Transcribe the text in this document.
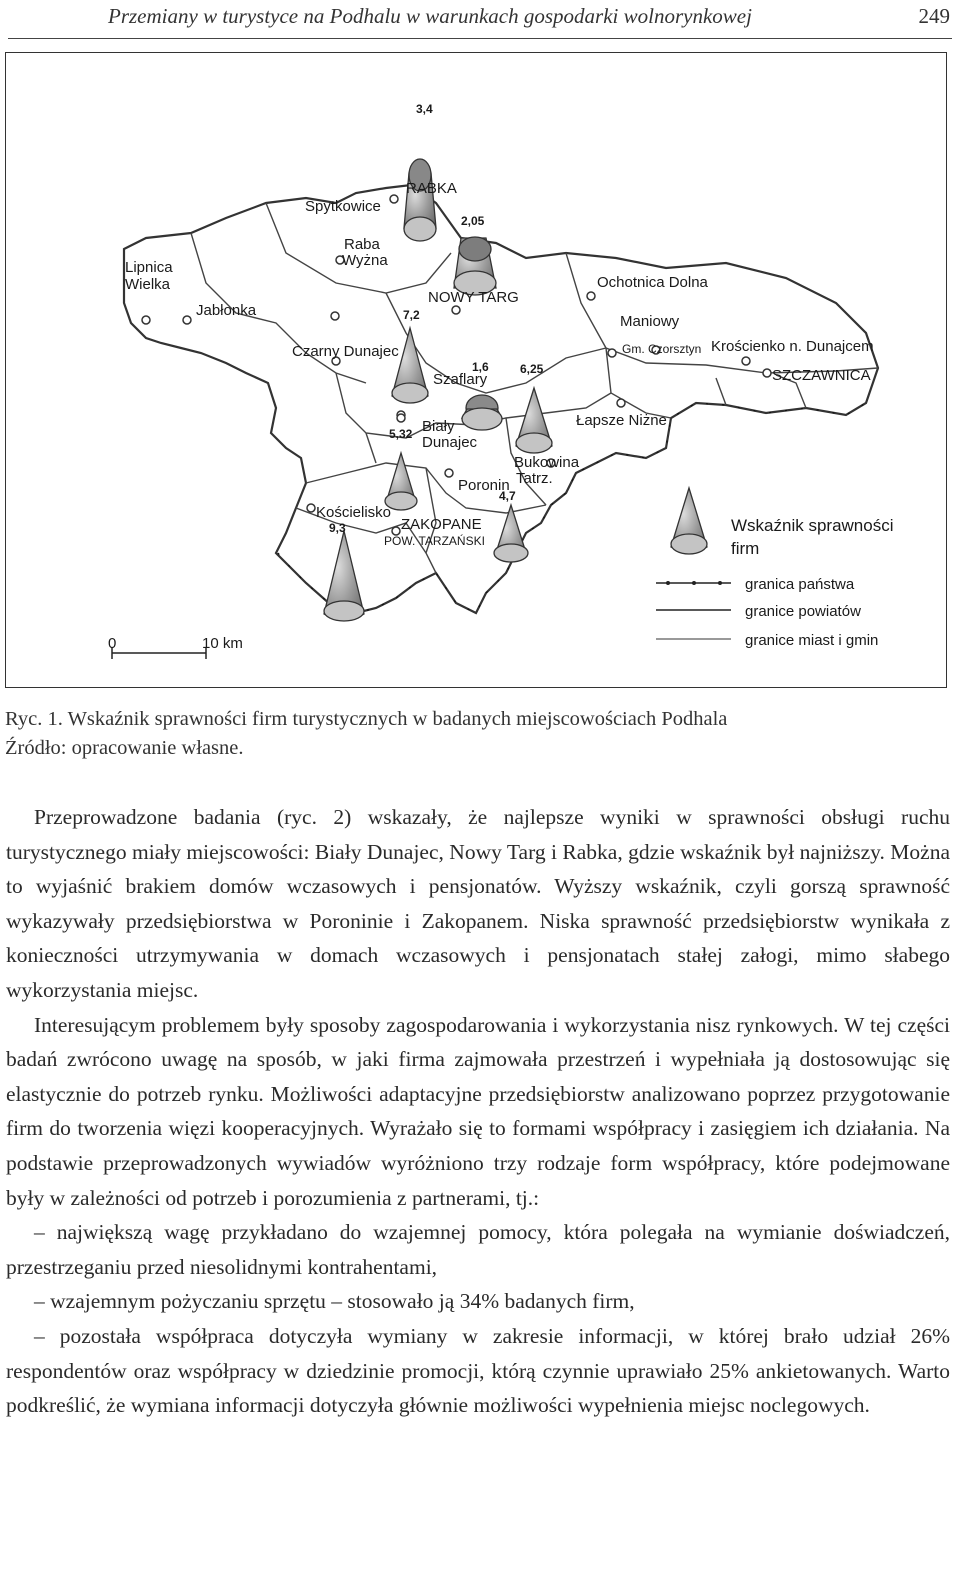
Przemiany w turystyce na Podhalu w warunkach gospodarki wolnorynkowej	249
RABKA
Spytkowice
Raba
Wyżna
Lipnica
Wielka
Jabłonka
NOWY TARG
Czarny Dunajec
Ochotnica Dolna
Maniowy
Gm. Czorsztyn Krościenko n. Dunajcem
SZCZAWNICA
Szaflary
Biały
Dunajec
Łapsze Niżne
Bukowina
Tatrz.
Poronin
Kościelisko
ZAKOPANE
POW. TARZAŃSKI
3,4
2,05
7,2
1,6	6,25
5,32
4,7
9,3	Wskaźnik sprawności
firm
granica państwa
granice powiatów
granice miast i gmin
0	10 km
Ryc. 1. Wskaźnik sprawności firm turystycznych w badanych miejscowościach Podhala
Źródło: opracowanie własne.

Przeprowadzone badania (ryc. 2) wskazały, że najlepsze wyniki w sprawności obsługi ruchu turystycznego miały miejscowości: Biały Dunajec, Nowy Targ i Rabka, gdzie wskaźnik był najniższy. Można to wyjaśnić brakiem domów wczasowych i pensjonatów. Wyższy wskaźnik, czyli gorszą sprawność wykazywały przedsiębiorstwa w Poroninie i Zakopanem. Niska sprawność przedsiębiorstw wynikała z konieczności utrzymywania w domach wczasowych i pensjonatach stałej załogi, mimo słabego wykorzystania miejsc.

Interesującym problemem były sposoby zagospodarowania i wykorzystania nisz rynkowych. W tej części badań zwrócono uwagę na sposób, w jaki firma zajmowała przestrzeń i wypełniała ją dostosowując się elastycznie do potrzeb rynku. Możliwości adaptacyjne przedsiębiorstw analizowano poprzez przygotowanie firm do tworzenia więzi kooperacyjnych. Wyrażało się to formami współpracy i zasięgiem ich działania. Na podstawie przeprowadzonych wywiadów wyróżniono trzy rodzaje form współpracy, które podejmowane były w zależności od potrzeb i porozumienia z partnerami, tj.:

– największą wagę przykładano do wzajemnej pomocy, która polegała na wymianie doświadczeń, przestrzeganiu przed niesolidnymi kontrahentami,

– wzajemnym pożyczaniu sprzętu – stosowało ją 34% badanych firm,

– pozostała współpraca dotyczyła wymiany w zakresie informacji, w której brało udział 26% respondentów oraz współpracy w dziedzinie promocji, którą czynnie uprawiało 25% ankietowanych. Warto podkreślić, że wymiana informacji dotyczyła głównie możliwości wypełnienia miejsc noclegowych.
